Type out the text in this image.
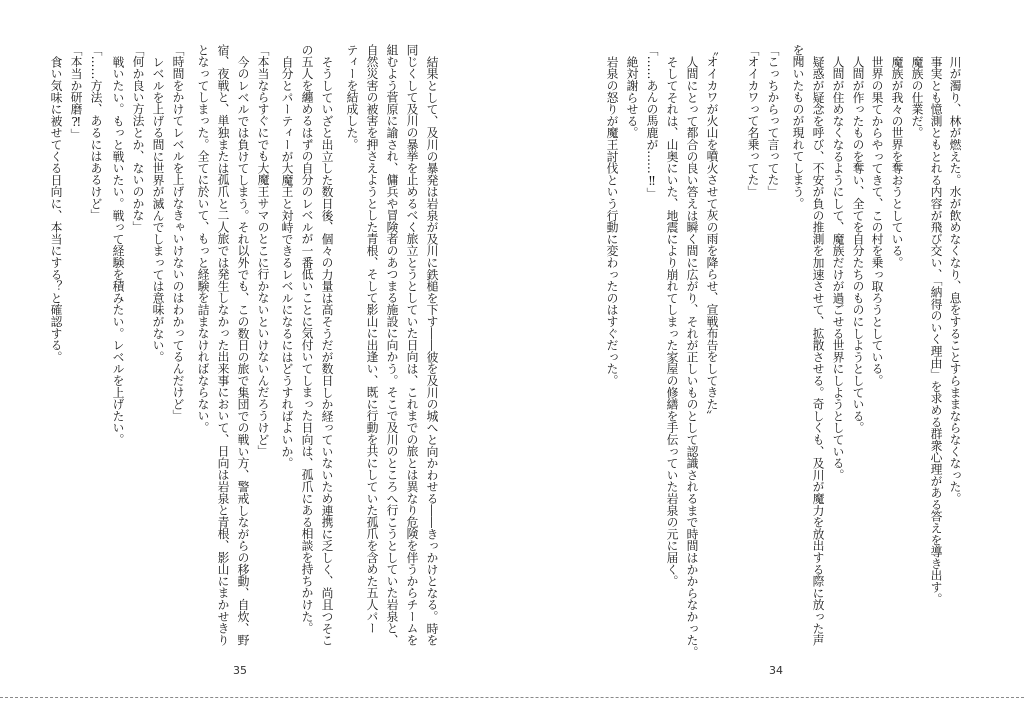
結果として、及川の暴発は岩泉が及川に鉄槌を下す――彼を及川の城へと向かわせる――きっかけとなる。時を

同じくして及川の暴挙を止めるべく旅立とうとしていた日向は、これまでの旅とは異なり危険を伴うからチームを

組むよう菅原に諭され、傭兵や冒険者のあつまる施設に向かう。そこで及川のところへ行こうとしていた岩泉と、

自然災害の被害を押さえようとした青根、そして影山に出逢い、既に行動を共にしていた孤爪を含めた五人パー

ティーを結成した。

そうしていざと出立した数日後、個々の力量は高そうだが数日しか経っていないため連携に乏しく、尚且つそこ

の五人を纏めるはずの自分のレベルが一番低いことに気付いてしまった日向は、孤爪にある相談を持ちかけた。

自分とパーティーが大魔王と対峙できるレベルになるにはどうすればよいか。

「本当ならすぐにでも大魔王サマのとこに行かないといけないんだろうけど」

今のレベルでは負けてしまう。それ以外でも、この数日の旅で集団での戦い方、警戒しながらの移動、自炊、野

宿、夜戦と、単独または孤爪と二人旅では発生しなかった出来事において、日向は岩泉と青根、影山にまかせきり

となってしまった。全てに於いて、もっと経験を詰まなければならない。

「時間をかけてレベルを上げなきゃいけないのはわかってるんだけど」

レベルを上げる間に世界が滅んでしまっては意味がない。

「何か良い方法とか、ないのかな」

戦いたい。もっと戦いたい。戦って経験を積みたい。レベルを上げたい。

「……方法、あるにはあるけど」

「本当か研磨⁈」

食い気味に被せてくる日向に、本当にする？と確認する。

35

川が濁り、林が燃えた。水が飲めなくなり、息をすることすらままならなくなった。

事実とも憶測ともとれる内容が飛び交い、「納得のいく理由」を求める群衆心理がある答えを導き出す。

魔族の仕業だ。

魔族が我々の世界を奪おうとしている。

世界の果てからやってきて、この村を乗っ取ろうとしている。

人間が作ったものを奪い、全てを自分たちのものにしようとしている。

人間が住めなくなるようにして、魔族だけが過ごせる世界にしようとしている。

疑惑が疑念を呼び、不安が負の推測を加速させて、拡散させる。奇しくも、及川が魔力を放出する際に放った声

を聞いたものが現れてしまう。

「こっちからって言ってた」

「オイカワって名乗ってた」

〝オイカワが火山を噴火させて灰の雨を降らせ、宣戦布告をしてきた〟

人間にとって都合の良い答えは瞬く間に広がり、それが正しいものとして認識されるまで時間はかからなかった。

そしてそれは、山奥にいた、地震により崩れてしまった家屋の修繕を手伝っていた岩泉の元に届く。

「……あんの馬鹿が……‼」

絶対謝らせる。

岩泉の怒りが魔王討伐という行動に変わったのはすぐだった。

34
